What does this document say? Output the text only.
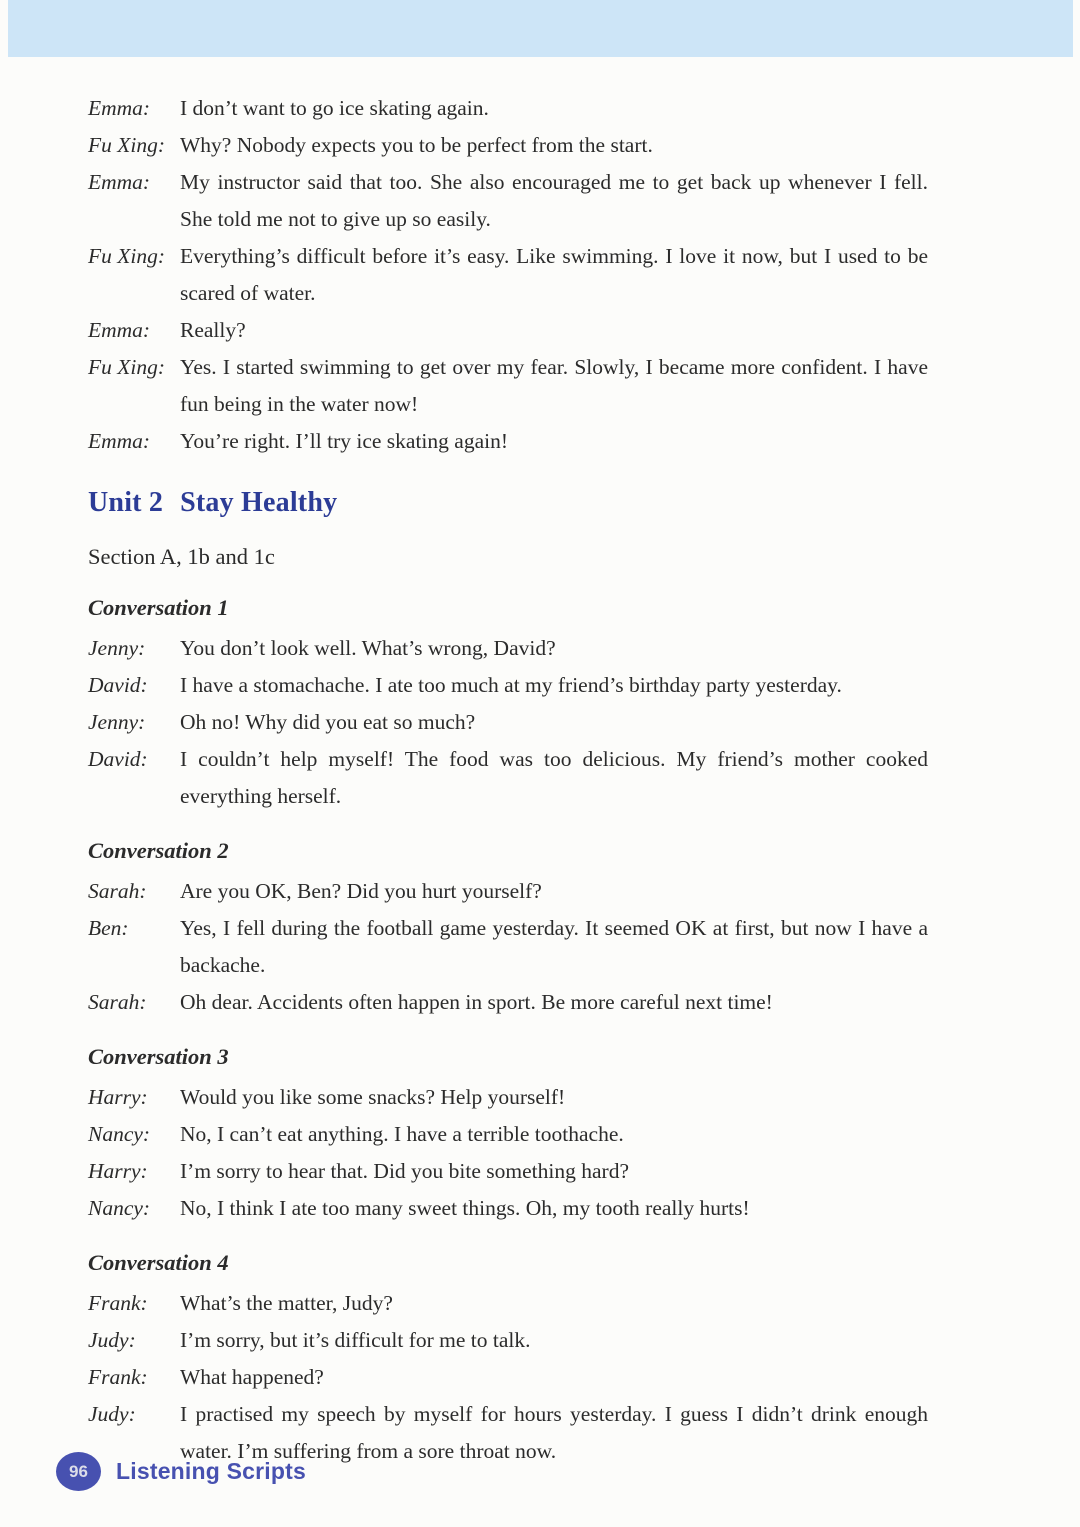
Emma:	I don’t want to go ice skating again.
Fu Xing: Why? Nobody expects you to be perfect from the start.
Emma:	My instructor said that too. She also encouraged me to get back up whenever I fell. She told me not to give up so easily.
Fu Xing: Everything’s difficult before it’s easy. Like swimming. I love it now, but I used to be scared of water.
Emma:	Really?
Fu Xing: Yes. I started swimming to get over my fear. Slowly, I became more confident. I have fun being in the water now!
Emma:	You’re right. I’ll try ice skating again!
Unit 2 Stay Healthy
Section A, 1b and 1c
Conversation 1
Jenny:	You don’t look well. What’s wrong, David?
David:	I have a stomachache. I ate too much at my friend’s birthday party yesterday.
Jenny:	Oh no! Why did you eat so much?
David:	I couldn’t help myself! The food was too delicious. My friend’s mother cooked everything herself.
Conversation 2
Sarah:	Are you OK, Ben? Did you hurt yourself?
Ben:	Yes, I fell during the football game yesterday. It seemed OK at first, but now I have a backache.
Sarah:	Oh dear. Accidents often happen in sport. Be more careful next time!
Conversation 3
Harry:	Would you like some snacks? Help yourself!
Nancy:	No, I can’t eat anything. I have a terrible toothache.
Harry:	I’m sorry to hear that. Did you bite something hard?
Nancy:	No, I think I ate too many sweet things. Oh, my tooth really hurts!
Conversation 4
Frank:	What’s the matter, Judy?
Judy:	I’m sorry, but it’s difficult for me to talk.
Frank:	What happened?
Judy:	I practised my speech by myself for hours yesterday. I guess I didn’t drink enough water. I’m suffering from a sore throat now.
96	Listening Scripts
